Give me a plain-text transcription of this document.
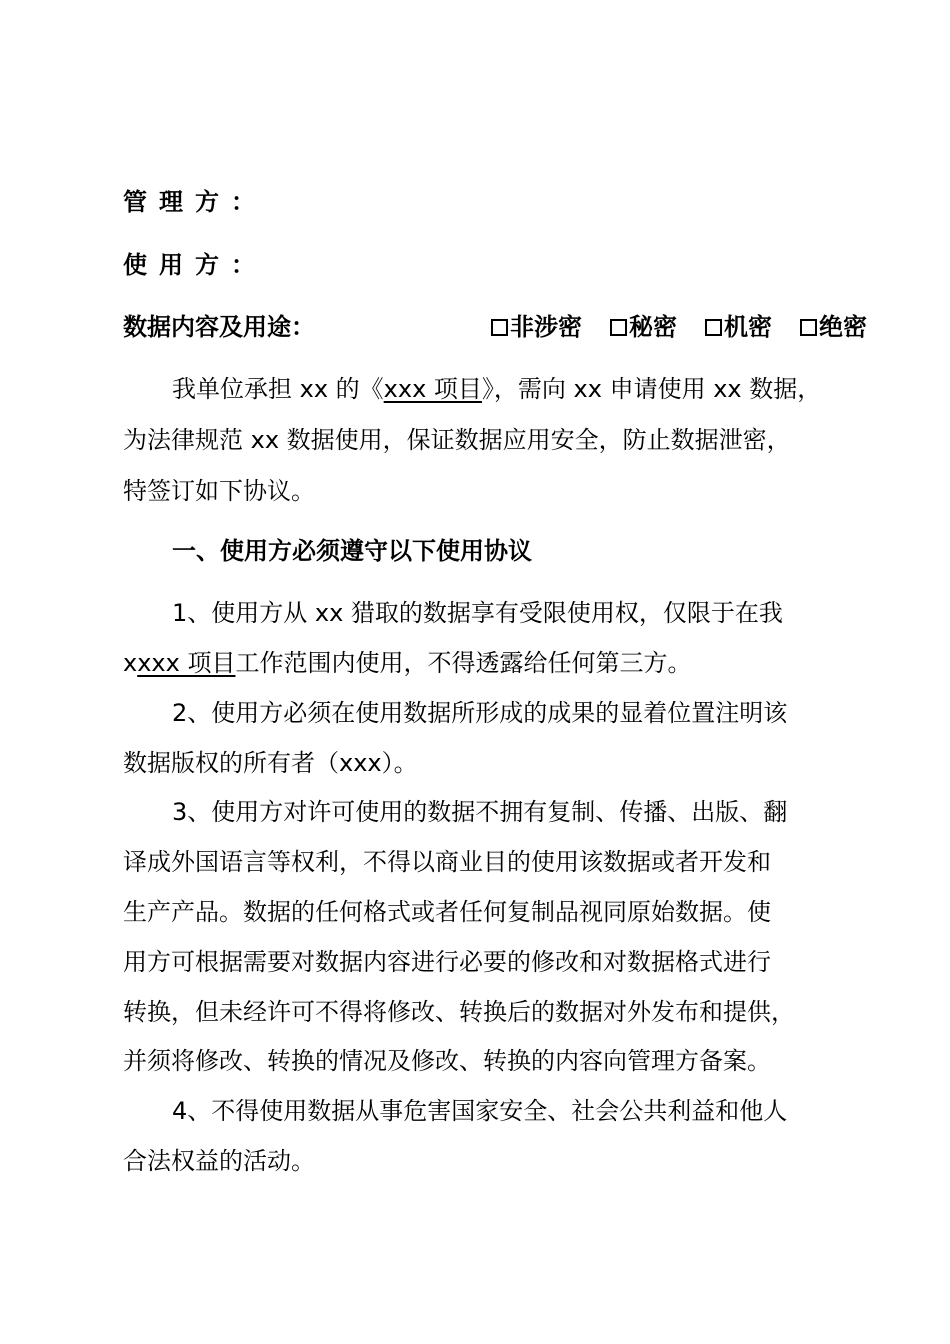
管理方：
使用方：
数据内容及用途：	非涉密 秘密 机密 绝密
我单位承担 xx 的《xxx 项目》，需向 xx 申请使用 xx 数据，
为法律规范 xx 数据使用，保证数据应用安全，防止数据泄密，
特签订如下协议。
一、使用方必须遵守以下使用协议
1、使用方从 xx 猎取的数据享有受限使用权，仅限于在我
xxxx 项目工作范围内使用，不得透露给任何第三方。
2、使用方必须在使用数据所形成的成果的显着位置注明该
数据版权的所有者（xxx）。
3、使用方对许可使用的数据不拥有复制、传播、出版、翻
译成外国语言等权利，不得以商业目的使用该数据或者开发和
生产产品。数据的任何格式或者任何复制品视同原始数据。使
用方可根据需要对数据内容进行必要的修改和对数据格式进行
转换，但未经许可不得将修改、转换后的数据对外发布和提供，
并须将修改、转换的情况及修改、转换的内容向管理方备案。
4、不得使用数据从事危害国家安全、社会公共利益和他人
合法权益的活动。
